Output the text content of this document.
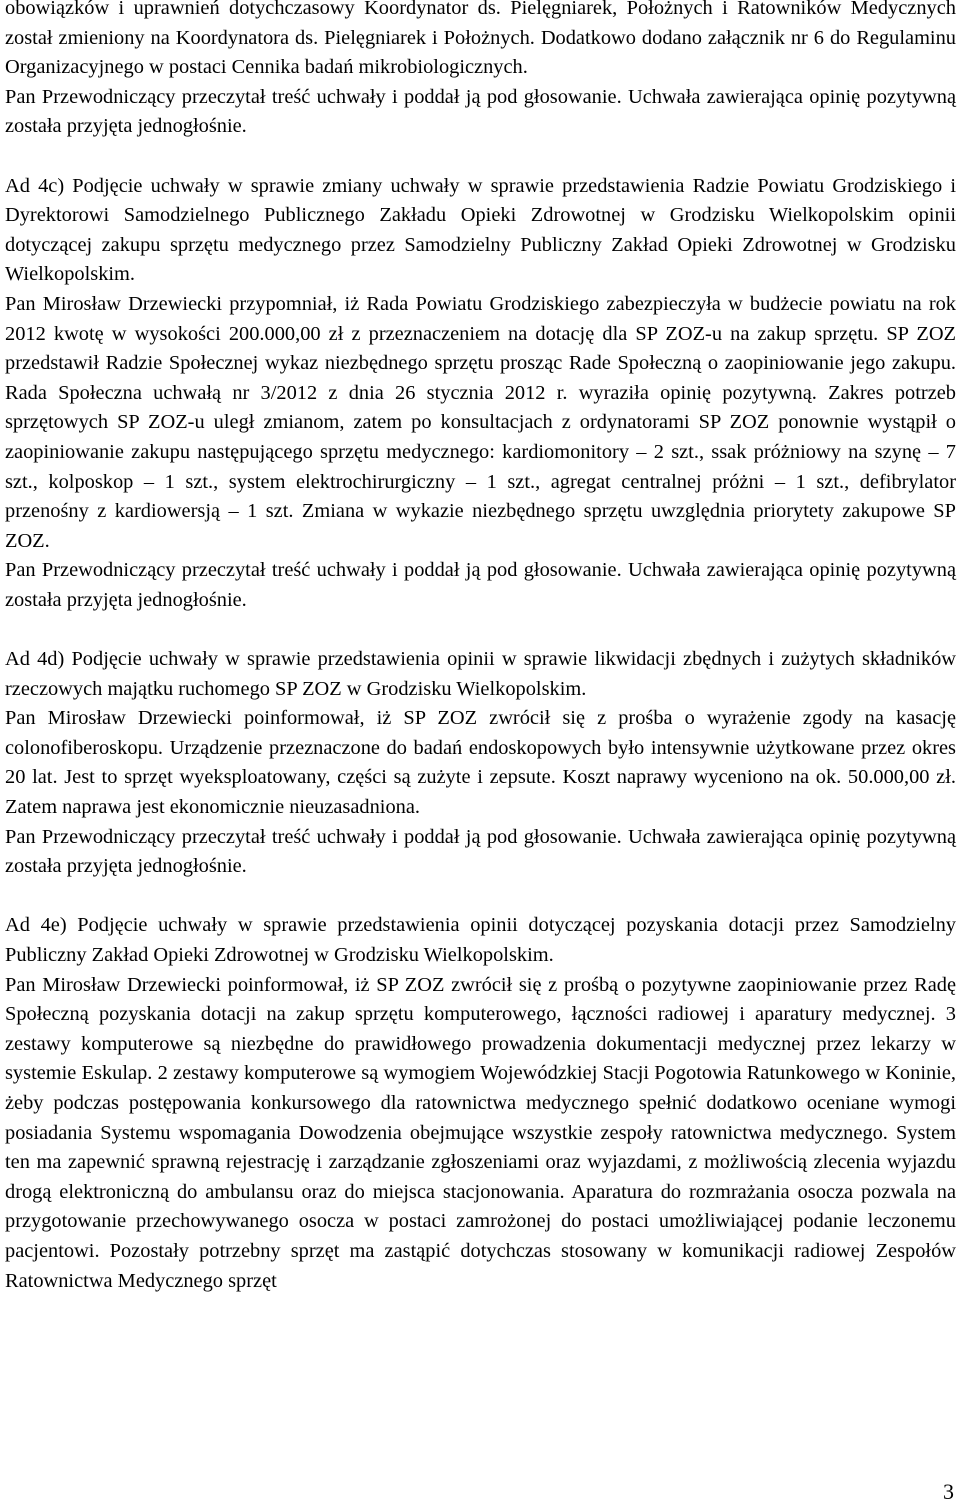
obowiązków i uprawnień dotychczasowy Koordynator ds. Pielęgniarek, Położnych i Ratowników Medycznych został zmieniony na Koordynatora ds. Pielęgniarek i Położnych. Dodatkowo dodano załącznik nr 6 do Regulaminu Organizacyjnego w postaci Cennika badań mikrobiologicznych.

Pan Przewodniczący przeczytał treść uchwały i poddał ją pod głosowanie. Uchwała zawierająca opinię pozytywną została przyjęta jednogłośnie.

Ad 4c) Podjęcie uchwały w sprawie zmiany uchwały w sprawie przedstawienia Radzie Powiatu Grodziskiego i Dyrektorowi Samodzielnego Publicznego Zakładu Opieki Zdrowotnej w Grodzisku Wielkopolskim opinii dotyczącej zakupu sprzętu medycznego przez Samodzielny Publiczny Zakład Opieki Zdrowotnej w Grodzisku Wielkopolskim.

Pan Mirosław Drzewiecki przypomniał, iż Rada Powiatu Grodziskiego zabezpieczyła w budżecie powiatu na rok 2012 kwotę w wysokości 200.000,00 zł z przeznaczeniem na dotację dla SP ZOZ-u na zakup sprzętu. SP ZOZ przedstawił Radzie Społecznej wykaz niezbędnego sprzętu prosząc Rade Społeczną o zaopiniowanie jego zakupu. Rada Społeczna uchwałą nr 3/2012 z dnia 26 stycznia 2012 r. wyraziła opinię pozytywną. Zakres potrzeb sprzętowych SP ZOZ-u uległ zmianom, zatem po konsultacjach z ordynatorami SP ZOZ ponownie wystąpił o zaopiniowanie zakupu następującego sprzętu medycznego: kardiomonitory – 2 szt., ssak próżniowy na szynę – 7 szt., kolposkop – 1 szt., system elektrochirurgiczny – 1 szt., agregat centralnej próżni – 1 szt., defibrylator przenośny z kardiowersją – 1 szt. Zmiana w wykazie niezbędnego sprzętu uwzględnia priorytety zakupowe SP ZOZ.

Pan Przewodniczący przeczytał treść uchwały i poddał ją pod głosowanie. Uchwała zawierająca opinię pozytywną została przyjęta jednogłośnie.

Ad 4d) Podjęcie uchwały w sprawie przedstawienia opinii w sprawie likwidacji zbędnych i zużytych składników rzeczowych majątku ruchomego SP ZOZ w Grodzisku Wielkopolskim.

Pan Mirosław Drzewiecki poinformował, iż SP ZOZ zwrócił się z prośba o wyrażenie zgody na kasację colonofiberoskopu. Urządzenie przeznaczone do badań endoskopowych było intensywnie użytkowane przez okres 20 lat. Jest to sprzęt wyeksploatowany, części są zużyte i zepsute. Koszt naprawy wyceniono na ok. 50.000,00 zł. Zatem naprawa jest ekonomicznie nieuzasadniona.

Pan Przewodniczący przeczytał treść uchwały i poddał ją pod głosowanie. Uchwała zawierająca opinię pozytywną została przyjęta jednogłośnie.

Ad 4e) Podjęcie uchwały w sprawie przedstawienia opinii dotyczącej pozyskania dotacji przez Samodzielny Publiczny Zakład Opieki Zdrowotnej w Grodzisku Wielkopolskim.

Pan Mirosław Drzewiecki poinformował, iż SP ZOZ zwrócił się z prośbą o pozytywne zaopiniowanie przez Radę Społeczną pozyskania dotacji na zakup sprzętu komputerowego, łączności radiowej i aparatury medycznej. 3 zestawy komputerowe są niezbędne do prawidłowego prowadzenia dokumentacji medycznej przez lekarzy w systemie Eskulap. 2 zestawy komputerowe są wymogiem Wojewódzkiej Stacji Pogotowia Ratunkowego w Koninie, żeby podczas postępowania konkursowego dla ratownictwa medycznego spełnić dodatkowo oceniane wymogi posiadania Systemu wspomagania Dowodzenia obejmujące wszystkie zespoły ratownictwa medycznego. System ten ma zapewnić sprawną rejestrację i zarządzanie zgłoszeniami oraz wyjazdami, z możliwością zlecenia wyjazdu drogą elektroniczną do ambulansu oraz do miejsca stacjonowania. Aparatura do rozmrażania osocza pozwala na przygotowanie przechowywanego osocza w postaci zamrożonej do postaci umożliwiającej podanie leczonemu pacjentowi. Pozostały potrzebny sprzęt ma zastąpić dotychczas stosowany w komunikacji radiowej Zespołów Ratownictwa Medycznego sprzęt

3
